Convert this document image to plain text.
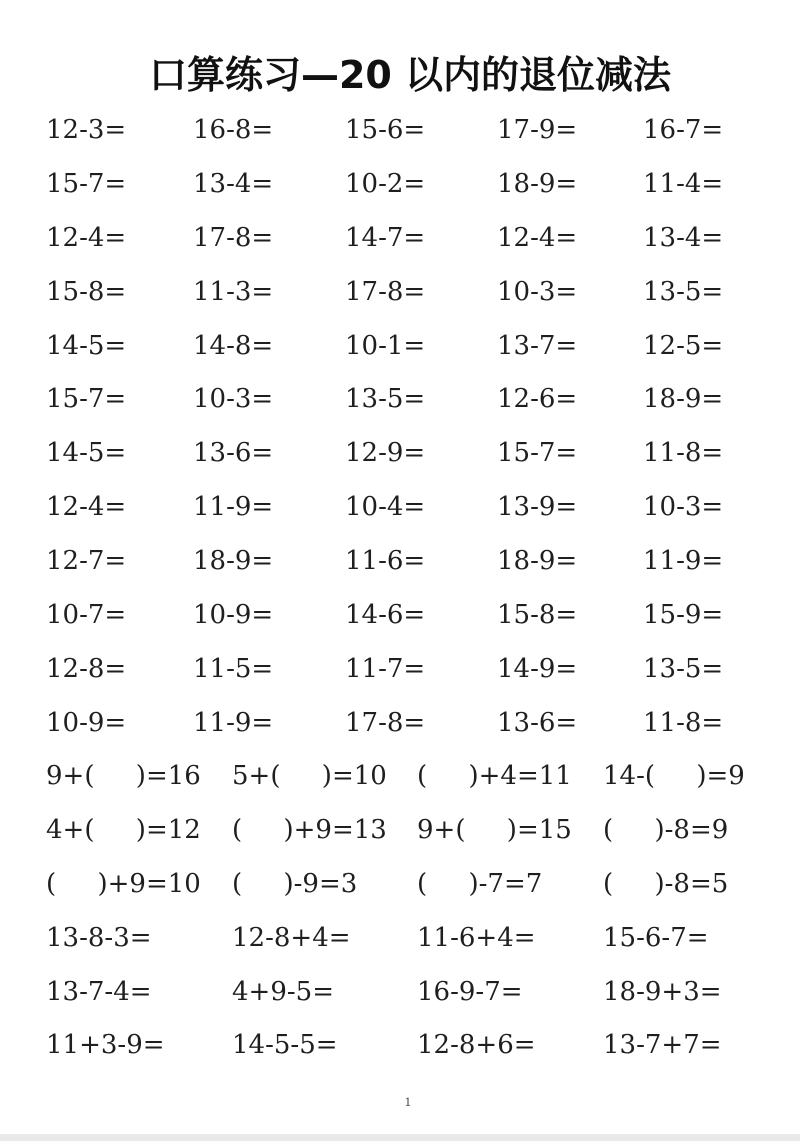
口算练习—20 以内的退位减法
12-3=	16-8=	15-6=	17-9=	16-7=
15-7=	13-4=	10-2=	18-9=	11-4=
12-4=	17-8=	14-7=	12-4=	13-4=
15-8=	11-3=	17-8=	10-3=	13-5=
14-5=	14-8=	10-1=	13-7=	12-5=
15-7=	10-3=	13-5=	12-6=	18-9=
14-5=	13-6=	12-9=	15-7=	11-8=
12-4=	11-9=	10-4=	13-9=	10-3=
12-7=	18-9=	11-6=	18-9=	11-9=
10-7=	10-9=	14-6=	15-8=	15-9=
12-8=	11-5=	11-7=	14-9=	13-5=
10-9=	11-9=	17-8=	13-6=	11-8=
9+(     )=16 5+(     )=10 (     )+4=11 14-(     )=9
4+(     )=12 (     )+9=13 9+(     )=15 (     )-8=9
(     )+9=10 (     )-9=3 (     )-7=7 (     )-8=5
13-8-3=	12-8+4=	11-6+4=	15-6-7=
13-7-4=	4+9-5=	16-9-7=	18-9+3=
11+3-9=	14-5-5=	12-8+6=	13-7+7=
1
